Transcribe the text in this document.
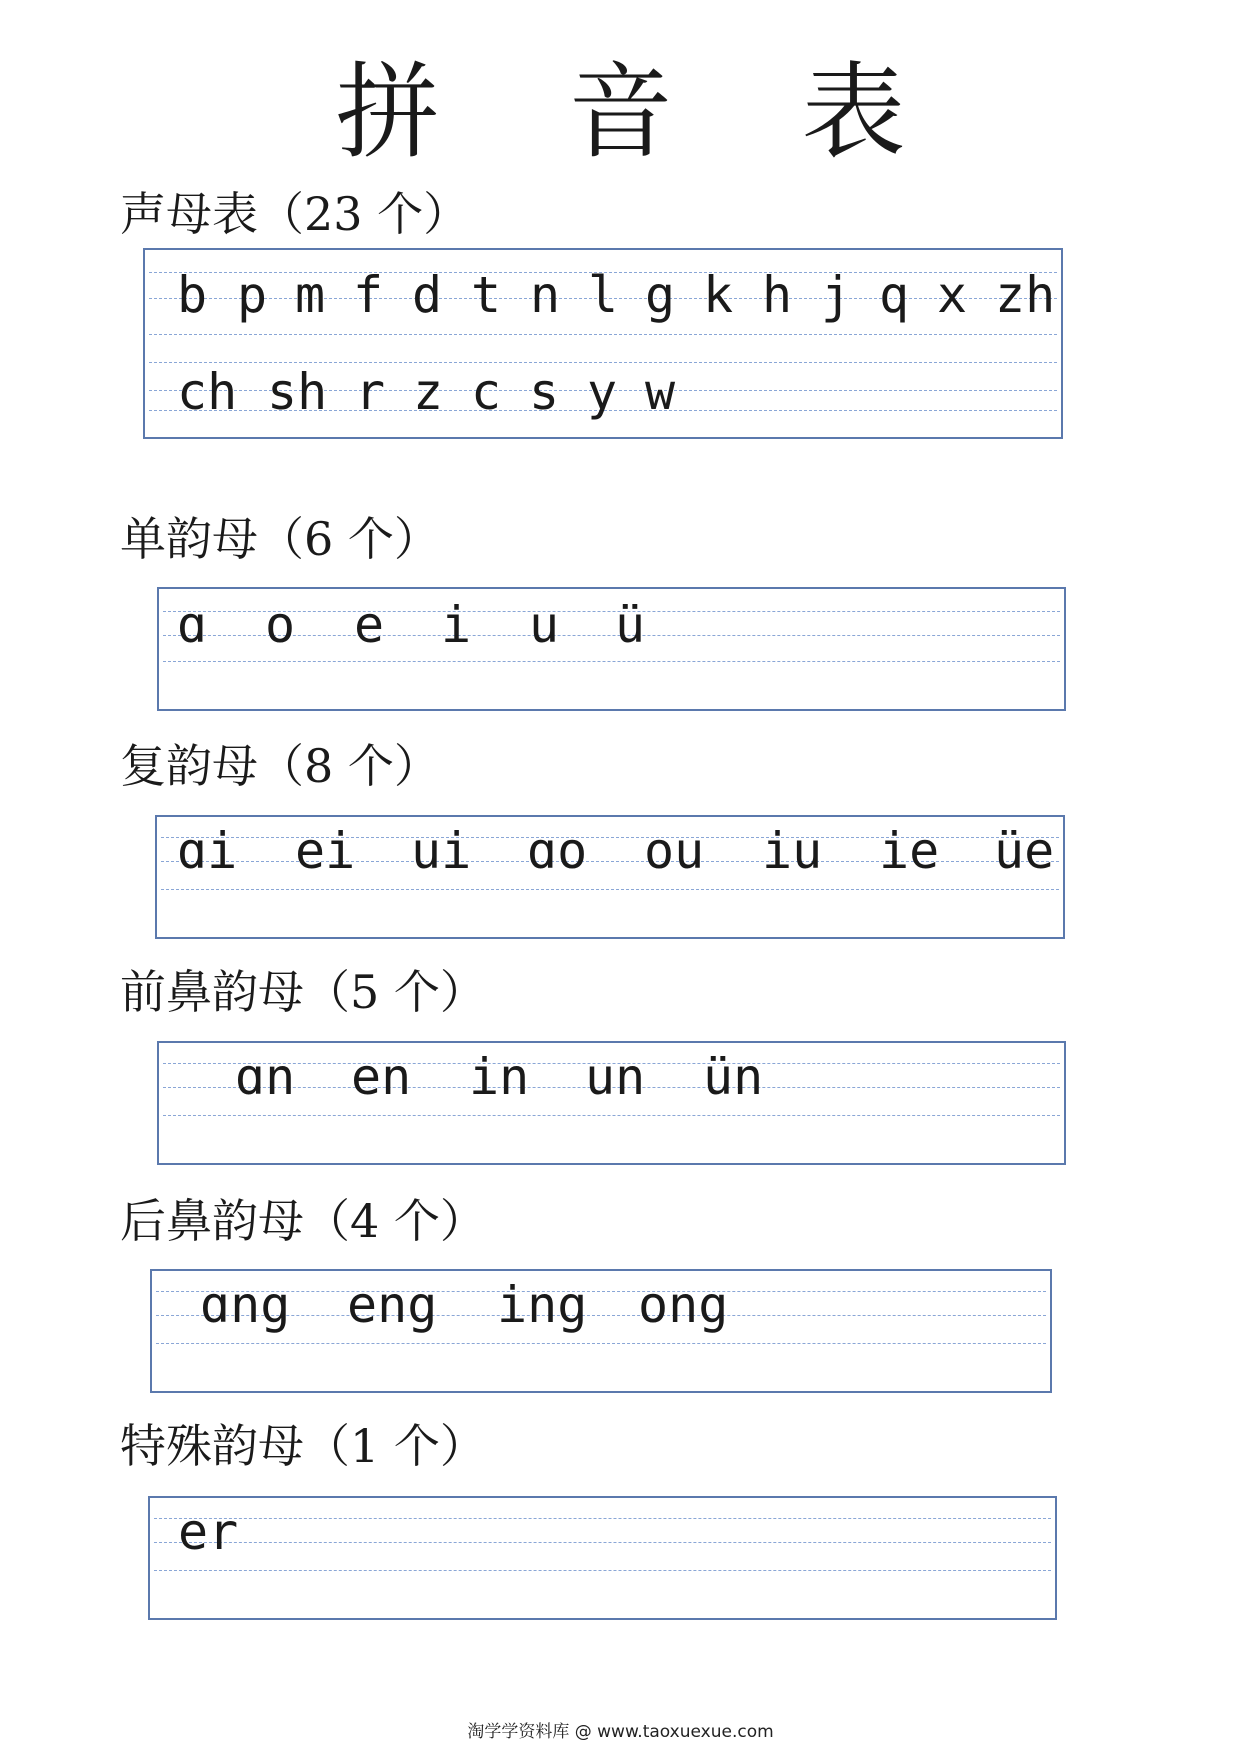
拼 音 表
声母表（23 个）
b p m f d t n l g k h j q x zh
ch sh r z c s y w
单韵母（6 个）
ɑ o e i u ü
复韵母（8 个）
ɑi ei ui ɑo ou iu ie üe
前鼻韵母（5 个）
ɑn en in un ün
后鼻韵母（4 个）
ɑng eng ing ong
特殊韵母（1 个）
er
淘学学资料库 @ www.taoxuexue.com
